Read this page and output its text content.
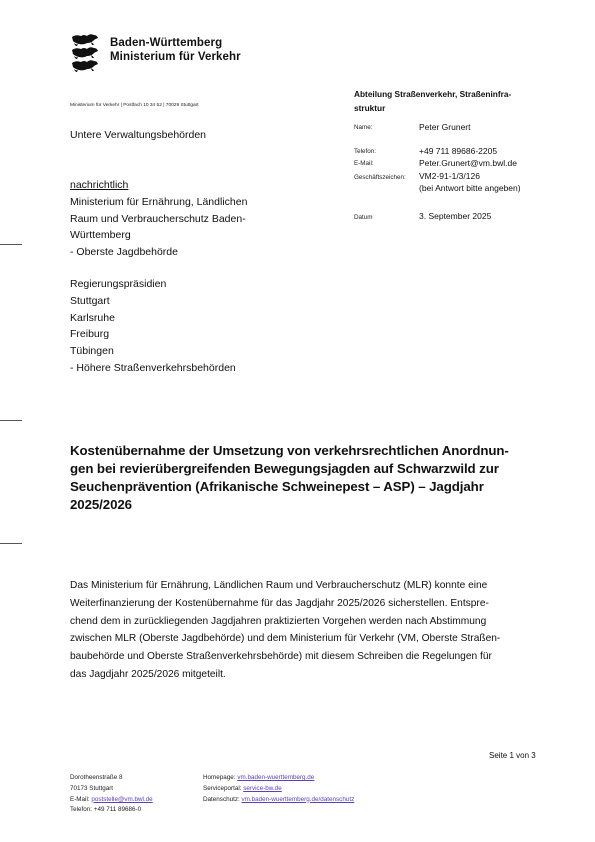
Baden-Württemberg
Ministerium für Verkehr
Ministerium für Verkehr | Postfach 10 34 52 | 70029 Stuttgart
Untere Verwaltungsbehörden
nachrichtlich
Ministerium für Ernährung, Ländlichen
Raum und Verbraucherschutz Baden-
Württemberg
- Oberste Jagdbehörde
Regierungspräsidien
Stuttgart
Karlsruhe
Freiburg
Tübingen
- Höhere Straßenverkehrsbehörden
Abteilung Straßenverkehr, Straßeninfra-
struktur
Name:	Peter Grunert
Telefon:	+49 711 89686-2205
E-Mail:	Peter.Grunert@vm.bwl.de
Geschäftszeichen: VM2-91-1/3/126
(bei Antwort bitte angeben)
Datum	3. September 2025
Kostenübernahme der Umsetzung von verkehrsrechtlichen Anordnun-
gen bei revierübergreifenden Bewegungsjagden auf Schwarzwild zur
Seuchenprävention (Afrikanische Schweinepest – ASP) – Jagdjahr
2025/2026
Das Ministerium für Ernährung, Ländlichen Raum und Verbraucherschutz (MLR) konnte eine
Weiterfinanzierung der Kostenübernahme für das Jagdjahr 2025/2026 sicherstellen. Entspre-
chend dem in zurückliegenden Jagdjahren praktizierten Vorgehen werden nach Abstimmung
zwischen MLR (Oberste Jagdbehörde) und dem Ministerium für Verkehr (VM, Oberste Straßen-
baubehörde und Oberste Straßenverkehrsbehörde) mit diesem Schreiben die Regelungen für
das Jagdjahr 2025/2026 mitgeteilt.
Seite 1 von 3
Dorotheenstraße 8
70173 Stuttgart
E-Mail: poststelle@vm.bwl.de
Telefon: +49 711 89686-0
Homepage: vm.baden-wuerttemberg.de
Serviceportal: service-bw.de
Datenschutz: vm.baden-wuerttemberg.de/datenschutz
